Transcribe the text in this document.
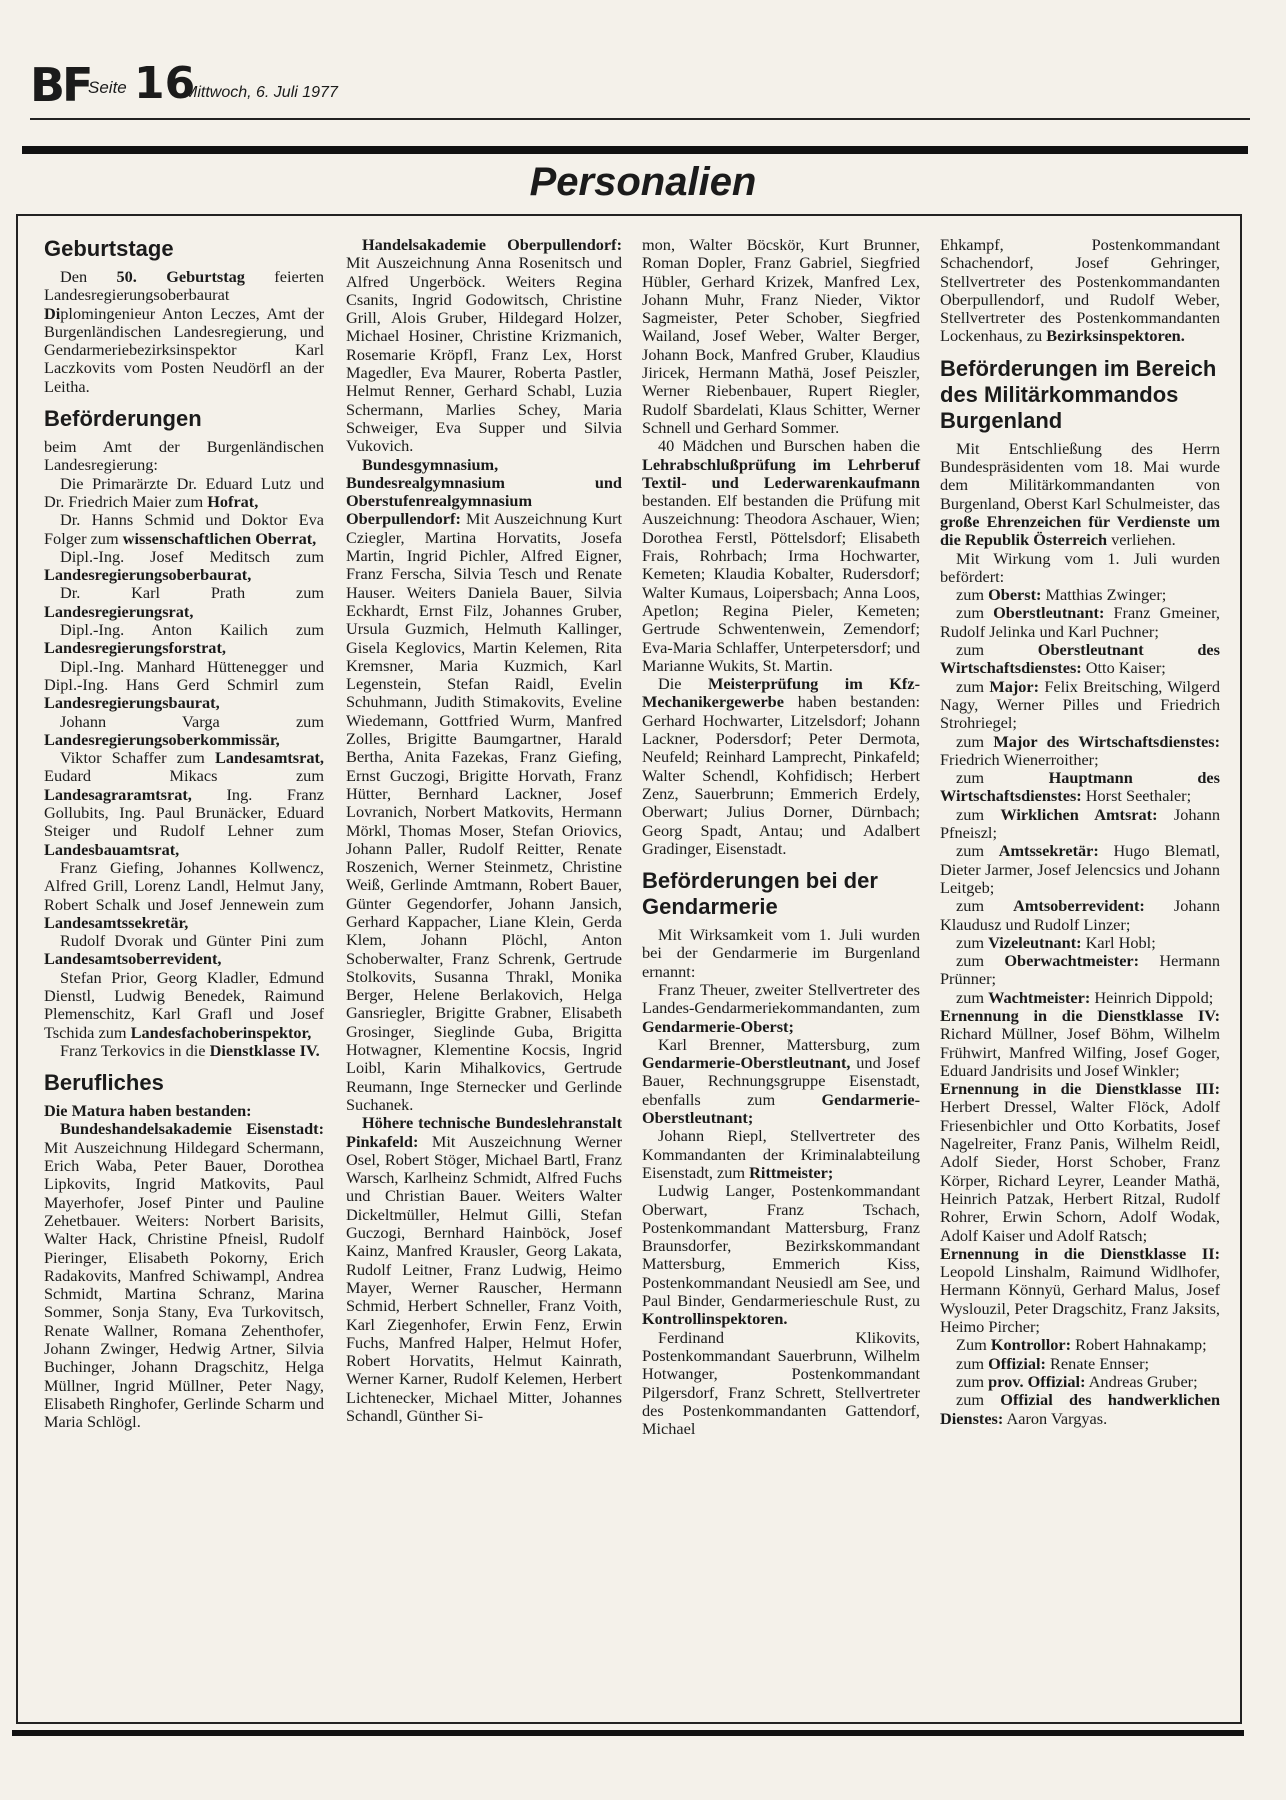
BF
Seite 16
Mittwoch, 6. Juli 1977
Personalien
Geburtstage

Den 50. Geburtstag feierten Landesregierungsoberbaurat Diplomingenieur Anton Leczes, Amt der Burgenländischen Landesregierung, und Gendarmeriebezirksinspektor Karl Laczkovits vom Posten Neudörfl an der Leitha.

Beförderungen

beim Amt der Burgenländischen Landesregierung:

Die Primarärzte Dr. Eduard Lutz und Dr. Friedrich Maier zum Hofrat,

Dr. Hanns Schmid und Doktor Eva Folger zum wissenschaftlichen Oberrat,

Dipl.-Ing. Josef Meditsch zum Landesregierungsoberbaurat,

Dr. Karl Prath zum Landesregierungsrat,

Dipl.-Ing. Anton Kailich zum Landesregierungsforstrat,

Dipl.-Ing. Manhard Hüttenegger und Dipl.-Ing. Hans Gerd Schmirl zum Landesregierungsbaurat,

Johann Varga zum Landesregierungsoberkommissär,

Viktor Schaffer zum Landesamtsrat, Eudard Mikacs zum Landesagraramtsrat, Ing. Franz Gollubits, Ing. Paul Brunäcker, Eduard Steiger und Rudolf Lehner zum Landesbauamtsrat,

Franz Giefing, Johannes Kollwencz, Alfred Grill, Lorenz Landl, Helmut Jany, Robert Schalk und Josef Jennewein zum Landesamtssekretär,

Rudolf Dvorak und Günter Pini zum Landesamtsoberrevident,

Stefan Prior, Georg Kladler, Edmund Dienstl, Ludwig Benedek, Raimund Plemenschitz, Karl Grafl und Josef Tschida zum Landesfachoberinspektor,

Franz Terkovics in die Dienstklasse IV.

Berufliches

Die Matura haben bestanden:

Bundeshandelsakademie Eisenstadt: Mit Auszeichnung Hildegard Schermann, Erich Waba, Peter Bauer, Dorothea Lipkovits, Ingrid Matkovits, Paul Mayerhofer, Josef Pinter und Pauline Zehetbauer. Weiters: Norbert Barisits, Walter Hack, Christine Pfneisl, Rudolf Pieringer, Elisabeth Pokorny, Erich Radakovits, Manfred Schiwampl, Andrea Schmidt, Martina Schranz, Marina Sommer, Sonja Stany, Eva Turkovitsch, Renate Wallner, Romana Zehenthofer, Johann Zwinger, Hedwig Artner, Silvia Buchinger, Johann Dragschitz, Helga Müllner, Ingrid Müllner, Peter Nagy, Elisabeth Ringhofer, Gerlinde Scharm und Maria Schlögl.

Handelsakademie Oberpullendorf: Mit Auszeichnung Anna Rosenitsch und Alfred Ungerböck. Weiters Regina Csanits, Ingrid Godowitsch, Christine Grill, Alois Gruber, Hildegard Holzer, Michael Hosiner, Christine Krizmanich, Rosemarie Kröpfl, Franz Lex, Horst Magedler, Eva Maurer, Roberta Pastler, Helmut Renner, Gerhard Schabl, Luzia Schermann, Marlies Schey, Maria Schweiger, Eva Supper und Silvia Vukovich.

Bundesgymnasium, Bundesrealgymnasium und Oberstufenrealgymnasium Oberpullendorf: Mit Auszeichnung Kurt Cziegler, Martina Horvatits, Josefa Martin, Ingrid Pichler, Alfred Eigner, Franz Ferscha, Silvia Tesch und Renate Hauser. Weiters Daniela Bauer, Silvia Eckhardt, Ernst Filz, Johannes Gruber, Ursula Guzmich, Helmuth Kallinger, Gisela Keglovics, Martin Kelemen, Rita Kremsner, Maria Kuzmich, Karl Legenstein, Stefan Raidl, Evelin Schuhmann, Judith Stimakovits, Eveline Wiedemann, Gottfried Wurm, Manfred Zolles, Brigitte Baumgartner, Harald Bertha, Anita Fazekas, Franz Giefing, Ernst Guczogi, Brigitte Horvath, Franz Hütter, Bernhard Lackner, Josef Lovranich, Norbert Matkovits, Hermann Mörkl, Thomas Moser, Stefan Oriovics, Johann Paller, Rudolf Reitter, Renate Roszenich, Werner Steinmetz, Christine Weiß, Gerlinde Amtmann, Robert Bauer, Günter Gegendorfer, Johann Jansich, Gerhard Kappacher, Liane Klein, Gerda Klem, Johann Plöchl, Anton Schoberwalter, Franz Schrenk, Gertrude Stolkovits, Susanna Thrakl, Monika Berger, Helene Berlakovich, Helga Gansriegler, Brigitte Grabner, Elisabeth Grosinger, Sieglinde Guba, Brigitta Hotwagner, Klementine Kocsis, Ingrid Loibl, Karin Mihalkovics, Gertrude Reumann, Inge Sternecker und Gerlinde Suchanek.

Höhere technische Bundeslehranstalt Pinkafeld: Mit Auszeichnung Werner Osel, Robert Stöger, Michael Bartl, Franz Warsch, Karlheinz Schmidt, Alfred Fuchs und Christian Bauer. Weiters Walter Dickeltmüller, Helmut Gilli, Stefan Guczogi, Bernhard Hainböck, Josef Kainz, Manfred Krausler, Georg Lakata, Rudolf Leitner, Franz Ludwig, Heimo Mayer, Werner Rauscher, Hermann Schmid, Herbert Schneller, Franz Voith, Karl Ziegenhofer, Erwin Fenz, Erwin Fuchs, Manfred Halper, Helmut Hofer, Robert Horvatits, Helmut Kainrath, Werner Karner, Rudolf Kelemen, Herbert Lichtenecker, Michael Mitter, Johannes Schandl, Günther Si-

mon, Walter Böcskör, Kurt Brunner, Roman Dopler, Franz Gabriel, Siegfried Hübler, Gerhard Krizek, Manfred Lex, Johann Muhr, Franz Nieder, Viktor Sagmeister, Peter Schober, Siegfried Wailand, Josef Weber, Walter Berger, Johann Bock, Manfred Gruber, Klaudius Jiricek, Hermann Mathä, Josef Peiszler, Werner Riebenbauer, Rupert Riegler, Rudolf Sbardelati, Klaus Schitter, Werner Schnell und Gerhard Sommer.

40 Mädchen und Burschen haben die Lehrabschlußprüfung im Lehrberuf Textil- und Lederwarenkaufmann bestanden. Elf bestanden die Prüfung mit Auszeichnung: Theodora Aschauer, Wien; Dorothea Ferstl, Pöttelsdorf; Elisabeth Frais, Rohrbach; Irma Hochwarter, Kemeten; Klaudia Kobalter, Rudersdorf; Walter Kumaus, Loipersbach; Anna Loos, Apetlon; Regina Pieler, Kemeten; Gertrude Schwentenwein, Zemendorf; Eva-Maria Schlaffer, Unterpetersdorf; und Marianne Wukits, St. Martin.

Die Meisterprüfung im Kfz-Mechanikergewerbe haben bestanden: Gerhard Hochwarter, Litzelsdorf; Johann Lackner, Podersdorf; Peter Dermota, Neufeld; Reinhard Lamprecht, Pinkafeld; Walter Schendl, Kohfidisch; Herbert Zenz, Sauerbrunn; Emmerich Erdely, Oberwart; Julius Dorner, Dürnbach; Georg Spadt, Antau; und Adalbert Gradinger, Eisenstadt.

Beförderungen bei der Gendarmerie

Mit Wirksamkeit vom 1. Juli wurden bei der Gendarmerie im Burgenland ernannt:

Franz Theuer, zweiter Stellvertreter des Landes-Gendarmeriekommandanten, zum Gendarmerie-Oberst;

Karl Brenner, Mattersburg, zum Gendarmerie-Oberstleutnant, und Josef Bauer, Rechnungsgruppe Eisenstadt, ebenfalls zum Gendarmerie-Oberstleutnant;

Johann Riepl, Stellvertreter des Kommandanten der Kriminalabteilung Eisenstadt, zum Rittmeister;

Ludwig Langer, Postenkommandant Oberwart, Franz Tschach, Postenkommandant Mattersburg, Franz Braunsdorfer, Bezirkskommandant Mattersburg, Emmerich Kiss, Postenkommandant Neusiedl am See, und Paul Binder, Gendarmerieschule Rust, zu Kontrollinspektoren.

Ferdinand Klikovits, Postenkommandant Sauerbrunn, Wilhelm Hotwanger, Postenkommandant Pilgersdorf, Franz Schrett, Stellvertreter des Postenkommandanten Gattendorf, Michael

Ehkampf, Postenkommandant Schachendorf, Josef Gehringer, Stellvertreter des Postenkommandanten Oberpullendorf, und Rudolf Weber, Stellvertreter des Postenkommandanten Lockenhaus, zu Bezirksinspektoren.

Beförderungen im Bereich des Militärkommandos Burgenland

Mit Entschließung des Herrn Bundespräsidenten vom 18. Mai wurde dem Militärkommandanten von Burgenland, Oberst Karl Schulmeister, das große Ehrenzeichen für Verdienste um die Republik Österreich verliehen.

Mit Wirkung vom 1. Juli wurden befördert:

zum Oberst: Matthias Zwinger;

zum Oberstleutnant: Franz Gmeiner, Rudolf Jelinka und Karl Puchner;

zum Oberstleutnant des Wirtschaftsdienstes: Otto Kaiser;

zum Major: Felix Breitsching, Wilgerd Nagy, Werner Pilles und Friedrich Strohriegel;

zum Major des Wirtschaftsdienstes: Friedrich Wienerroither;

zum Hauptmann des Wirtschaftsdienstes: Horst Seethaler;

zum Wirklichen Amtsrat: Johann Pfneiszl;

zum Amtssekretär: Hugo Blematl, Dieter Jarmer, Josef Jelencsics und Johann Leitgeb;

zum Amtsoberrevident: Johann Klaudusz und Rudolf Linzer;

zum Vizeleutnant: Karl Hobl;

zum Oberwachtmeister: Hermann Prünner;

zum Wachtmeister: Heinrich Dippold;

Ernennung in die Dienstklasse IV: Richard Müllner, Josef Böhm, Wilhelm Frühwirt, Manfred Wilfing, Josef Goger, Eduard Jandrisits und Josef Winkler;

Ernennung in die Dienstklasse III: Herbert Dressel, Walter Flöck, Adolf Friesenbichler und Otto Korbatits, Josef Nagelreiter, Franz Panis, Wilhelm Reidl, Adolf Sieder, Horst Schober, Franz Körper, Richard Leyrer, Leander Mathä, Heinrich Patzak, Herbert Ritzal, Rudolf Rohrer, Erwin Schorn, Adolf Wodak, Adolf Kaiser und Adolf Ratsch;

Ernennung in die Dienstklasse II: Leopold Linshalm, Raimund Widlhofer, Hermann Könnyü, Gerhard Malus, Josef Wyslouzil, Peter Dragschitz, Franz Jaksits, Heimo Pircher;

Zum Kontrollor: Robert Hahnakamp;

zum Offizial: Renate Ennser;

zum prov. Offizial: Andreas Gruber;

zum Offizial des handwerklichen Dienstes: Aaron Vargyas.
